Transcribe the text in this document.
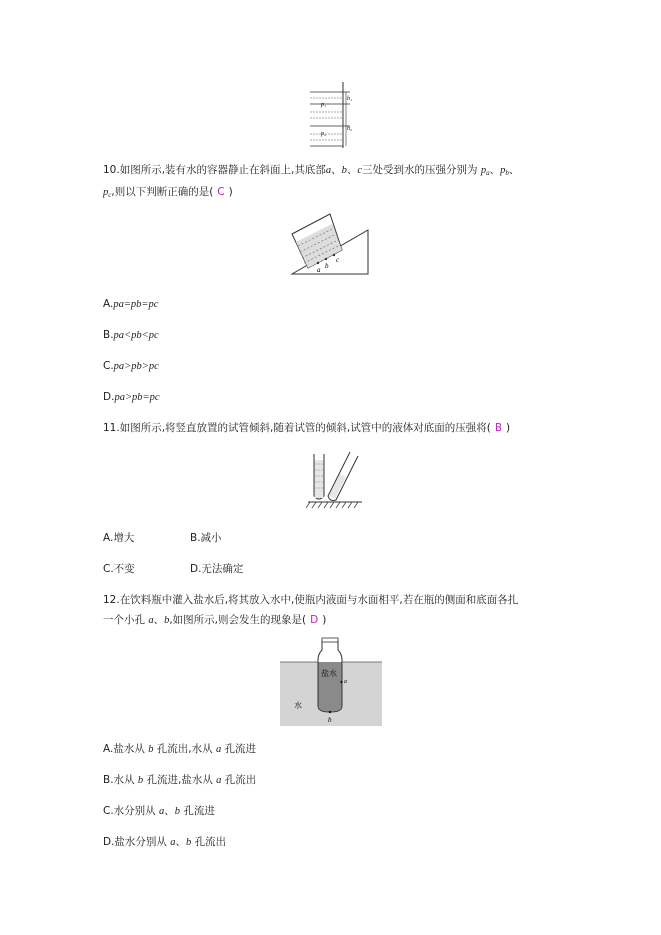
p₁
p₂
h₁
h₂
10.如图所示,装有水的容器静止在斜面上,其底部a、b、c三处受到水的压强分别为 $p_a$、$p_b$、
$p_c$,则以下判断正确的是( C )
a b
c
A.pa=pb=pc
B.pa<pb<pc
C.pa>pb>pc
D.pa>pb=pc
11.如图所示,将竖直放置的试管倾斜,随着试管的倾斜,试管中的液体对底面的压强将( B )
A.增大	B.减小
C.不变	D.无法确定
12.在饮料瓶中灌入盐水后,将其放入水中,使瓶内液面与水面相平,若在瓶的侧面和底面各扎
一个小孔 a、b,如图所示,则会发生的现象是( D )
盐水
a
水
b
A.盐水从 b 孔流出,水从 a 孔流进
B.水从 b 孔流进,盐水从 a 孔流出
C.水分别从 a、b 孔流进
D.盐水分别从 a、b 孔流出
